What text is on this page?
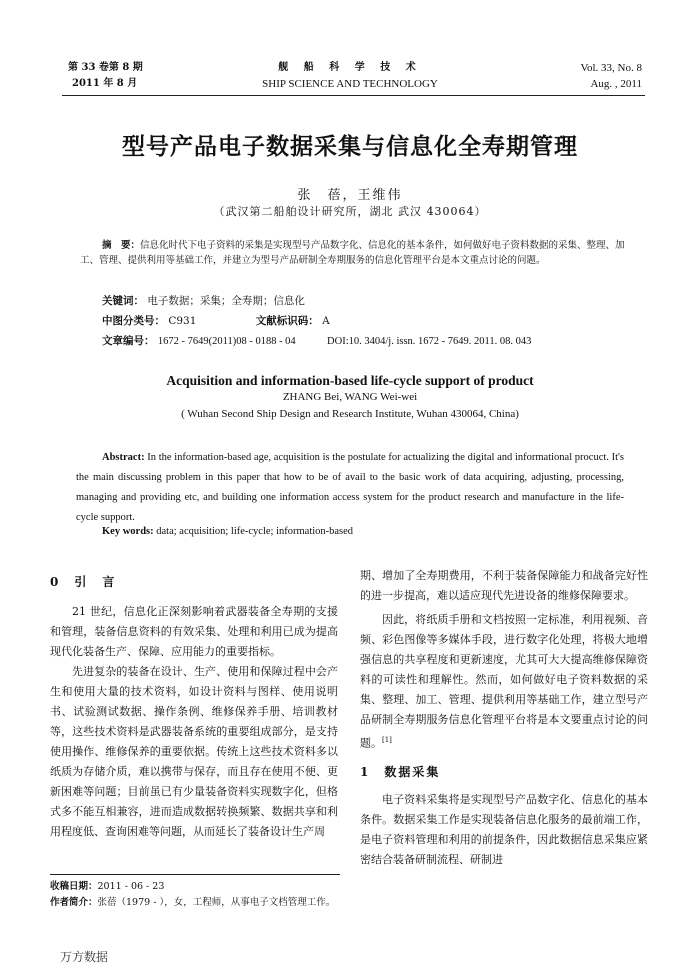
第 33 卷第 8 期
2011 年 8 月
舰 船 科 学 技 术
SHIP SCIENCE AND TECHNOLOGY
Vol. 33, No. 8
Aug. , 2011
型号产品电子数据采集与信息化全寿期管理
张　蓓，王维伟
（武汉第二船舶设计研究所，湖北 武汉 430064）
摘　要：信息化时代下电子资料的采集是实现型号产品数字化、信息化的基本条件，如何做好电子资料数据的采集、整理、加工、管理、提供利用等基础工作，并建立为型号产品研制全寿期服务的信息化管理平台是本文重点讨论的问题。
关键词： 电子数据；采集；全寿期；信息化
中图分类号： C931	文献标识码： A
文章编号： 1672 - 7649(2011)08 - 0188 - 04	DOI:10. 3404/j. issn. 1672 - 7649. 2011. 08. 043
Acquisition and information-based life-cycle support of product
ZHANG Bei, WANG Wei-wei
( Wuhan Second Ship Design and Research Institute, Wuhan 430064, China)
Abstract: In the information-based age, acquisition is the postulate for actualizing the digital and informational procuct. It's the main discussing problem in this paper that how to be of avail to the basic work of data acquiring, adjusting, processing, managing and providing etc, and building one information access system for the product research and manufacture in the life-cycle support.
Key words: data; acquisition; life-cycle; information-based
0　引　言

21 世纪，信息化正深刻影响着武器装备全寿期的支援和管理，装备信息资料的有效采集、处理和利用已成为提高现代化装备生产、保障、应用能力的重要指标。

先进复杂的装备在设计、生产、使用和保障过程中会产生和使用大量的技术资料，如设计资料与图样、使用说明书、试验测试数据、操作条例、维修保养手册、培训教材等，这些技术资料是武器装备系统的重要组成部分，是支持使用操作、维修保养的重要依据。传统上这些技术资料多以纸质为存储介质，难以携带与保存，而且存在使用不便、更新困难等问题；目前虽已有少量装备资料实现数字化，但格式多不能互相兼容，进而造成数据转换频繁、数据共享和利用程度低、查询困难等问题，从而延长了装备设计生产周

期、增加了全寿期费用，不利于装备保障能力和战备完好性的进一步提高，难以适应现代先进设备的维修保障要求。

因此，将纸质手册和文档按照一定标准，利用视频、音频、彩色图像等多媒体手段，进行数字化处理，将极大地增强信息的共享程度和更新速度，尤其可大大提高维修保障资料的可读性和理解性。然而，如何做好电子资料数据的采集、整理、加工、管理、提供利用等基础工作，建立型号产品研制全寿期服务信息化管理平台将是本文要重点讨论的问题。[1]

1　数据采集

电子资料采集将是实现型号产品数字化、信息化的基本条件。数据采集工作是实现装备信息化服务的最前端工作，是电子资料管理和利用的前提条件，因此数据信息采集应紧密结合装备研制流程、研制进

收稿日期：2011 - 06 - 23
作者简介：张蓓（1979 - ），女，工程师，从事电子文档管理工作。
万方数据
